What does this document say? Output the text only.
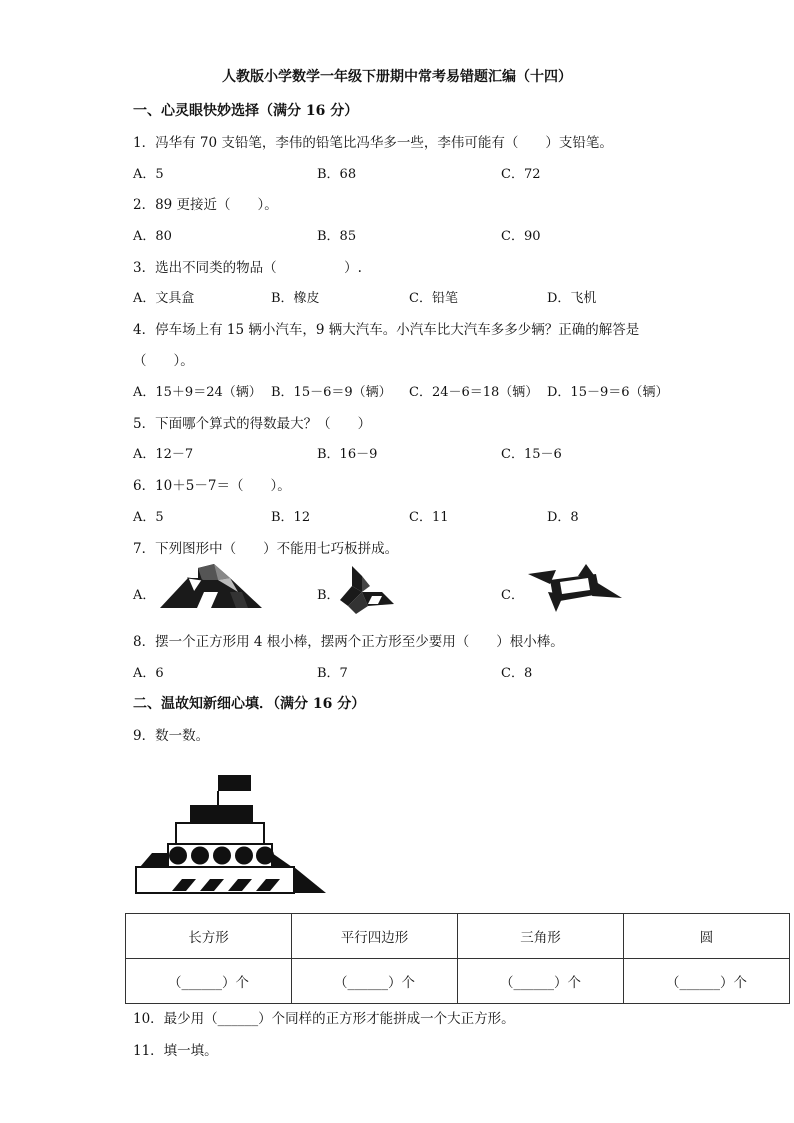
人教版小学数学一年级下册期中常考易错题汇编（十四）
一、心灵眼快妙选择（满分 16 分）
1．冯华有 70 支铅笔，李伟的铅笔比冯华多一些，李伟可能有（　　）支铅笔。
A．5	B．68	C．72
2．89 更接近（　　）。
A．80	B．85	C．90
3．选出不同类的物品（　　　　　）.
A．文具盒	B．橡皮	C．铅笔	D．飞机
4．停车场上有 15 辆小汽车，9 辆大汽车。小汽车比大汽车多多少辆？正确的解答是
（　　）。
A．15＋9＝24（辆） B．15－6＝9（辆） C．24－6＝18（辆） D．15－9＝6（辆）
5．下面哪个算式的得数最大？（　　）
A．12－7	B．16－9	C．15－6
6．10＋5－7＝（　　）。
A．5	B．12	C．11	D．8
7．下列图形中（　　）不能用七巧板拼成。
A．	B．	C．
8．摆一个正方形用 4 根小棒，摆两个正方形至少要用（　　）根小棒。
A．6	B．7	C．8
二、温故知新细心填．（满分 16 分）
9．数一数。
长方形	平行四边形	三角形	圆
（______）个	（______）个	（______）个	（______）个
10．最少用（______）个同样的正方形才能拼成一个大正方形。
11．填一填。
